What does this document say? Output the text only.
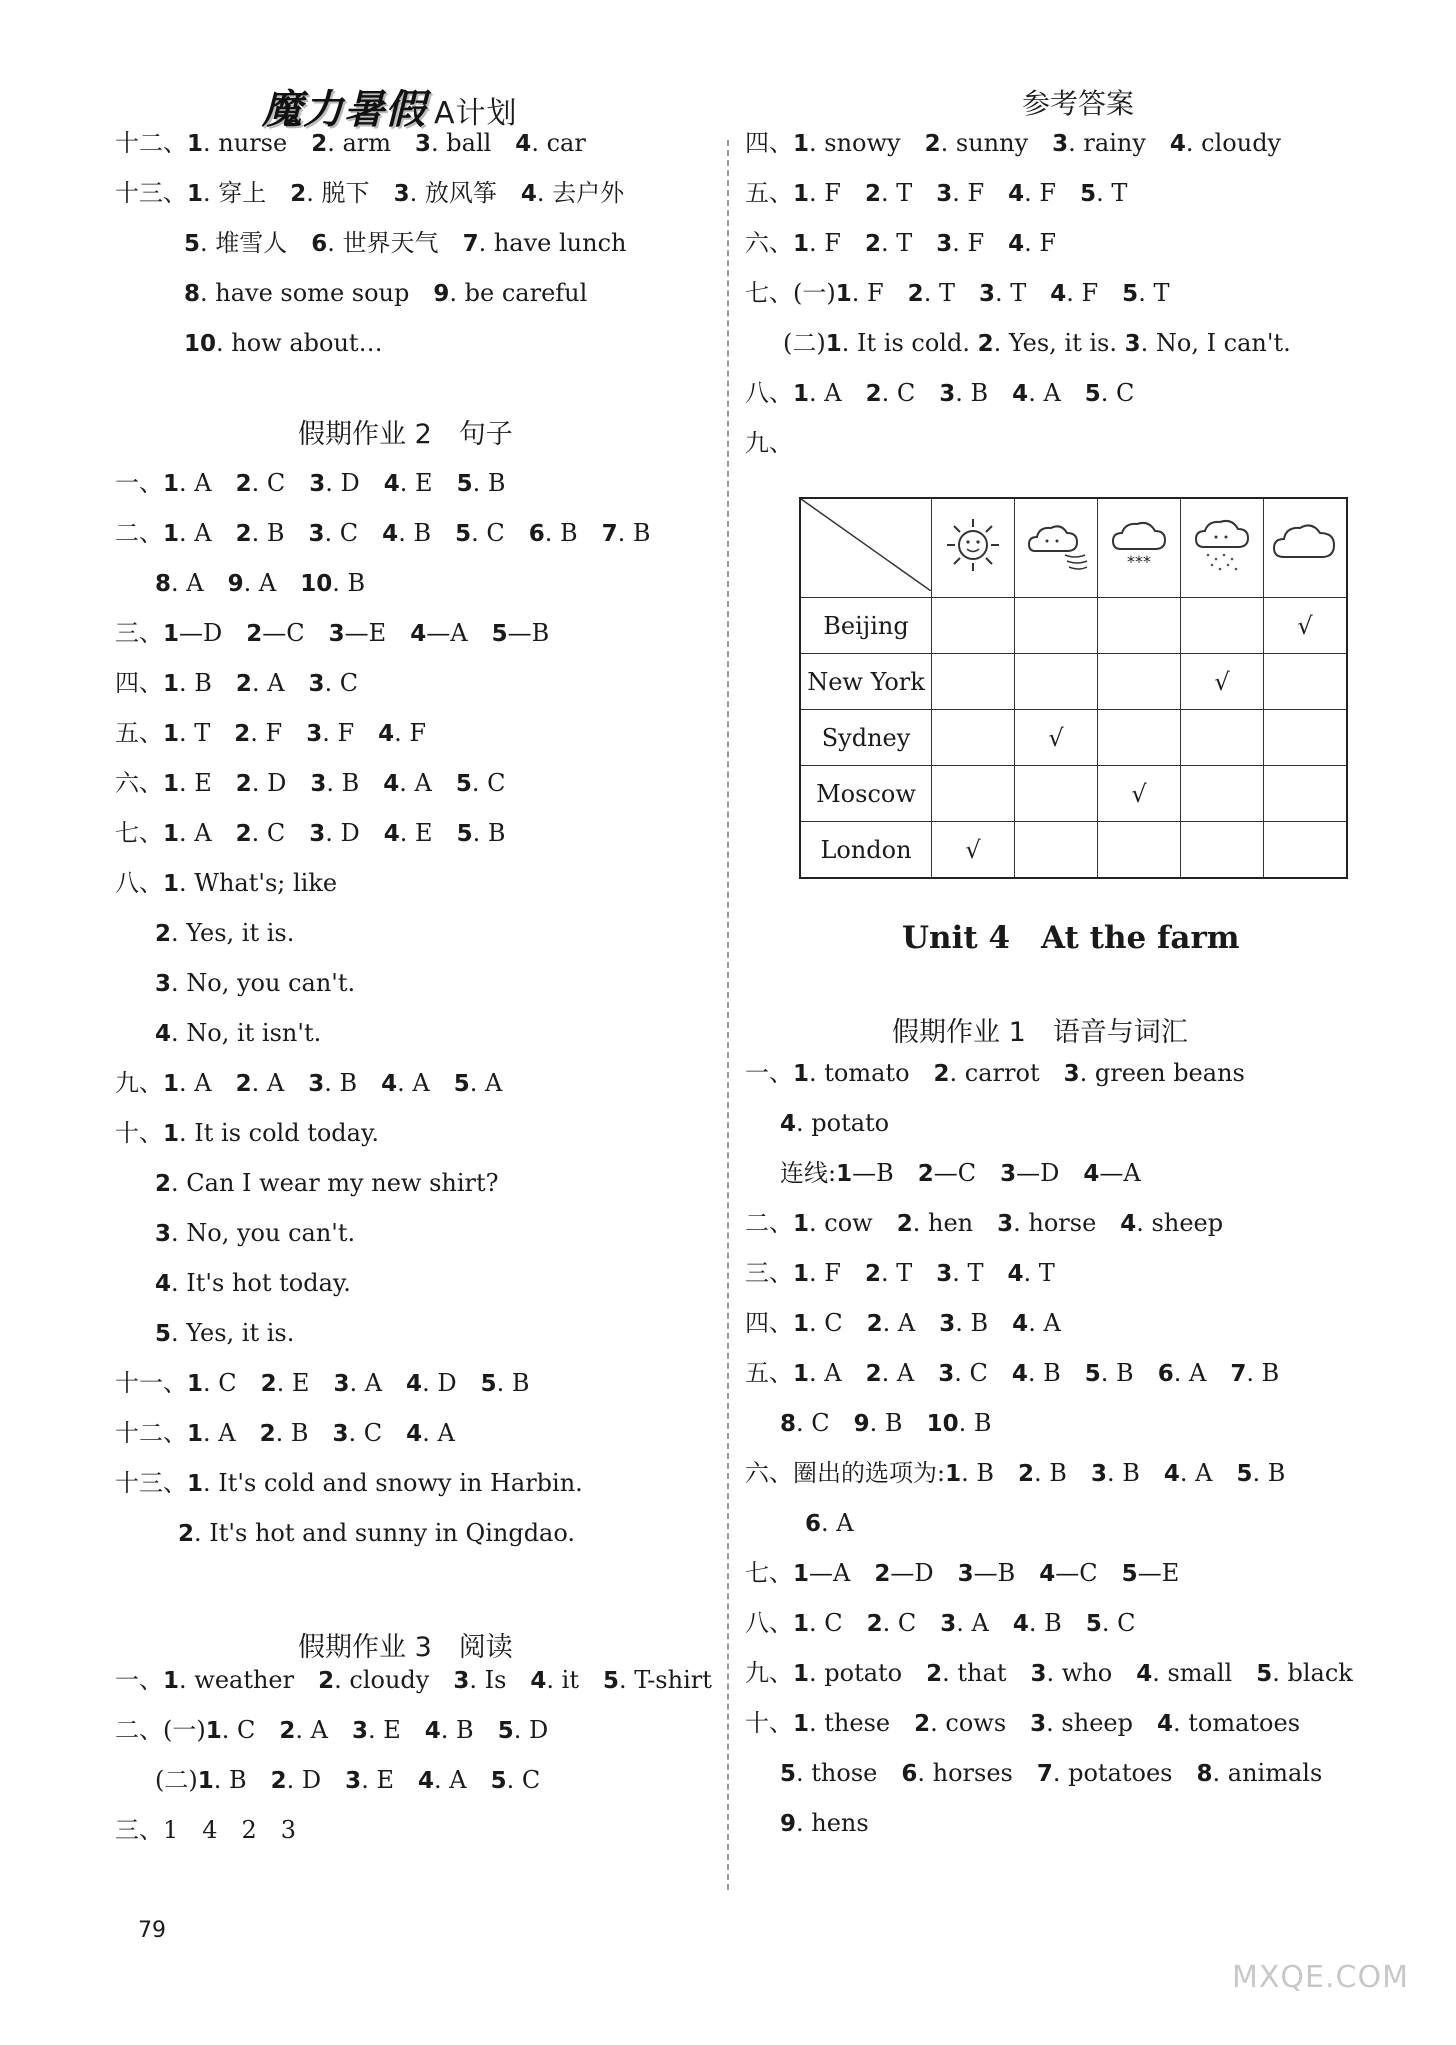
魔力暑假 A计划	参考答案
十二、1. nurse　2. arm　3. ball　4. car
十三、1. 穿上　2. 脱下　3. 放风筝　4. 去户外
5. 堆雪人　6. 世界天气　7. have lunch
8. have some soup　9. be careful
10. how about…
一、1. A　2. C　3. D　4. E　5. B
二、1. A　2. B　3. C　4. B　5. C　6. B　7. B
8. A　9. A　10. B
三、1—D　2—C　3—E　4—A　5—B
四、1. B　2. A　3. C
五、1. T　2. F　3. F　4. F
六、1. E　2. D　3. B　4. A　5. C
七、1. A　2. C　3. D　4. E　5. B
八、1. What's; like
2. Yes, it is.
3. No, you can't.
4. No, it isn't.
九、1. A　2. A　3. B　4. A　5. A
十、1. It is cold today.
2. Can I wear my new shirt?
3. No, you can't.
4. It's hot today.
5. Yes, it is.
十一、1. C　2. E　3. A　4. D　5. B
十二、1. A　2. B　3. C　4. A
十三、1. It's cold and snowy in Harbin.
2. It's hot and sunny in Qingdao.
一、1. weather　2. cloudy　3. Is　4. it　5. T-shirt
二、(一)1. C　2. A　3. E　4. B　5. D
(二)1. B　2. D　3. E　4. A　5. C
三、1　4　2　3
四、1. snowy　2. sunny　3. rainy　4. cloudy
五、1. F　2. T　3. F　4. F　5. T
六、1. F　2. T　3. F　4. F
七、(一)1. F　2. T　3. T　4. F　5. T
(二)1. It is cold. 2. Yes, it is. 3. No, I can't.
八、1. A　2. C　3. B　4. A　5. C
九、
一、1. tomato　2. carrot　3. green beans
4. potato
连线:1—B　2—C　3—D　4—A
二、1. cow　2. hen　3. horse　4. sheep
三、1. F　2. T　3. T　4. T
四、1. C　2. A　3. B　4. A
五、1. A　2. A　3. C　4. B　5. B　6. A　7. B
8. C　9. B　10. B
六、圈出的选项为:1. B　2. B　3. B　4. A　5. B
6. A
七、1—A　2—D　3—B　4—C　5—E
八、1. C　2. C　3. A　4. B　5. C
九、1. potato　2. that　3. who　4. small　5. black
十、1. these　2. cows　3. sheep　4. tomatoes
5. those　6. horses　7. potatoes　8. animals
9. hens
假期作业 2　句子
假期作业 3　阅读
Unit 4　At the farm
假期作业 1　语音与词汇

***

Beijing					√
New York				√	
Sydney		√			
Moscow			√		
London	√				
79
MXQE.COM
